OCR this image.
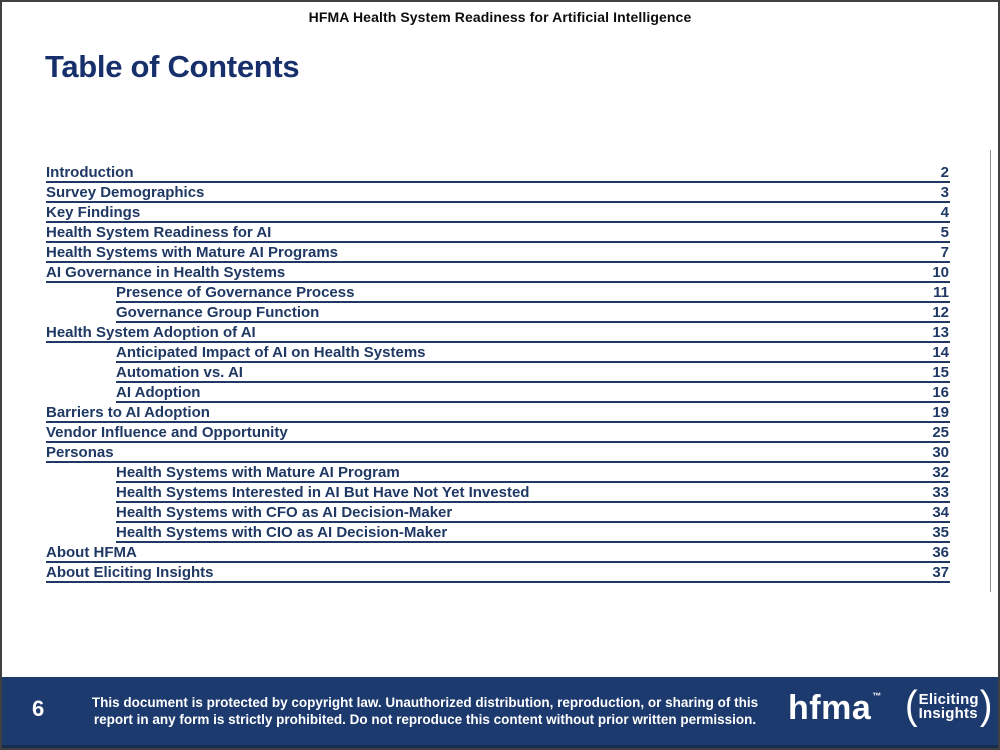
HFMA Health System Readiness for Artificial Intelligence
Table of Contents
Introduction	2
Survey Demographics	3
Key Findings	4
Health System Readiness for AI	5
Health Systems with Mature AI Programs	7
AI Governance in Health Systems	10
Presence of Governance Process	11
Governance Group Function	12
Health System Adoption of AI	13
Anticipated Impact of AI on Health Systems	14
Automation vs. AI	15
AI Adoption	16
Barriers to AI Adoption	19
Vendor Influence and Opportunity	25
Personas	30
Health Systems with Mature AI Program	32
Health Systems Interested in AI But Have Not Yet Invested	33
Health Systems with CFO as AI Decision-Maker	34
Health Systems with CIO as AI Decision-Maker	35
About HFMA	36
About Eliciting Insights	37
6	This document is protected by copyright law. Unauthorized distribution, reproduction, or sharing of this
report in any form is strictly prohibited. Do not reproduce this content without prior written permission. hfma™ ( Eliciting
Insights )
